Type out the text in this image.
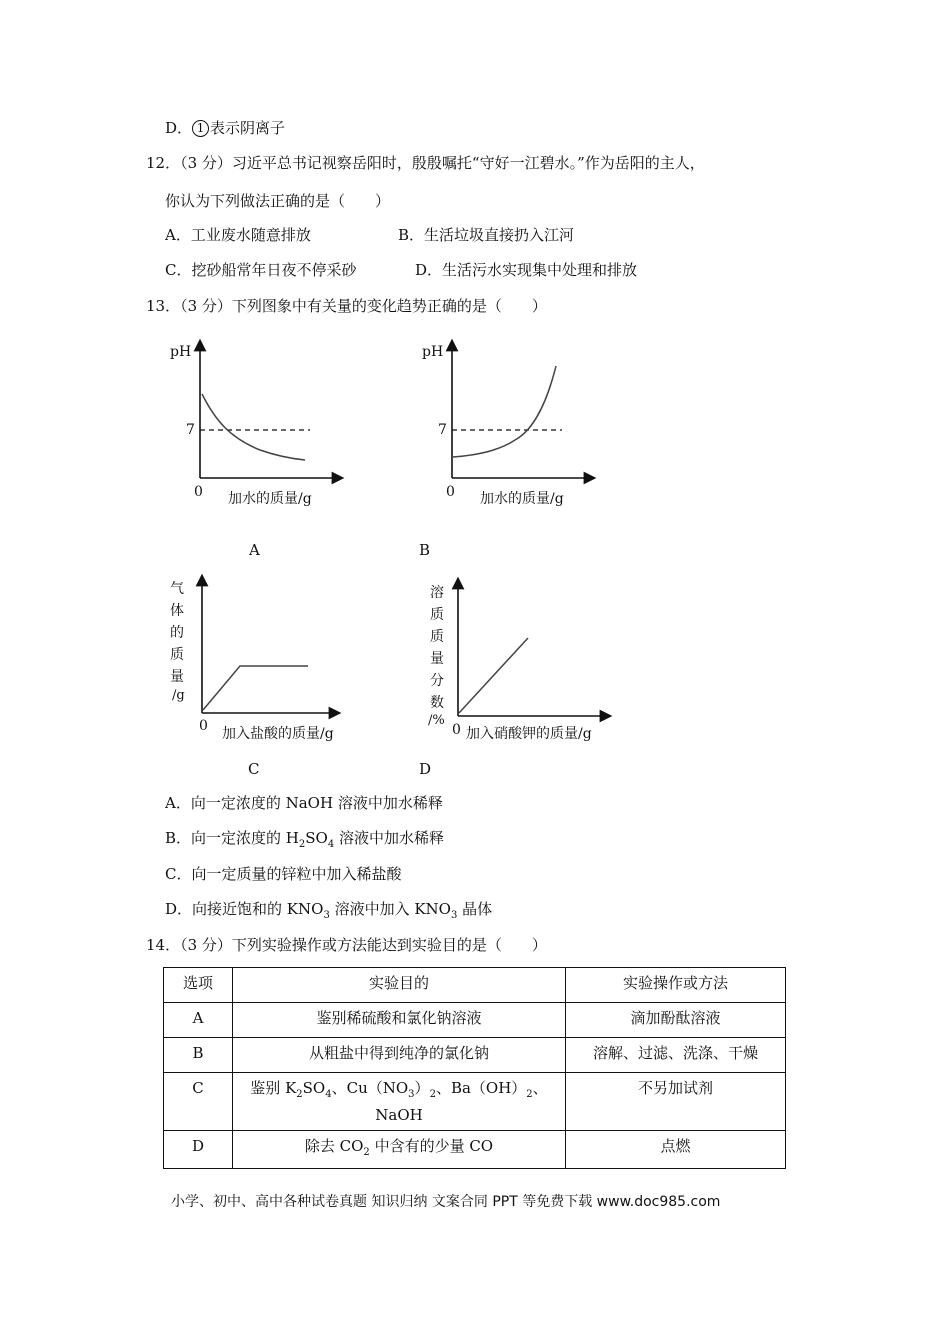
D． 1 表示阴离子
12．（3 分）习近平总书记视察岳阳时，殷殷嘱托“守好一江碧水。”作为岳阳的主人，
你认为下列做法正确的是（　　）
A．工业废水随意排放	B．生活垃圾直接扔入江河
C．挖砂船常年日夜不停采砂	D．生活污水实现集中处理和排放
13．（3 分）下列图象中有关量的变化趋势正确的是（　　）
pH
7
0 加水的质量/g
A
pH
7
0 加水的质量/g
B
气
体
的
质
量
/g
0 加入盐酸的质量/g
C
溶
质
质
量
分
数
/%
0 加入硝酸钾的质量/g
D
A．向一定浓度的 NaOH 溶液中加水稀释
B．向一定浓度的 $H_2SO_4$ 溶液中加水稀释
C．向一定质量的锌粒中加入稀盐酸
D．向接近饱和的 $KNO_3$ 溶液中加入 $KNO_3$ 晶体
14．（3 分）下列实验操作或方法能达到实验目的是（　　）
选项	实验目的	实验操作或方法
A	鉴别稀硫酸和氯化钠溶液	滴加酚酞溶液
B	从粗盐中得到纯净的氯化钠	溶解、过滤、洗涤、干燥
C	鉴别 $K_2SO_4$、$Cu(NO_3)_2$、$Ba(OH)_2$、
NaOH	不另加试剂
D	除去 $CO_2$ 中含有的少量 CO	点燃
小学、初中、高中各种试卷真题 知识归纳 文案合同 PPT 等免费下载 www.doc985.com
